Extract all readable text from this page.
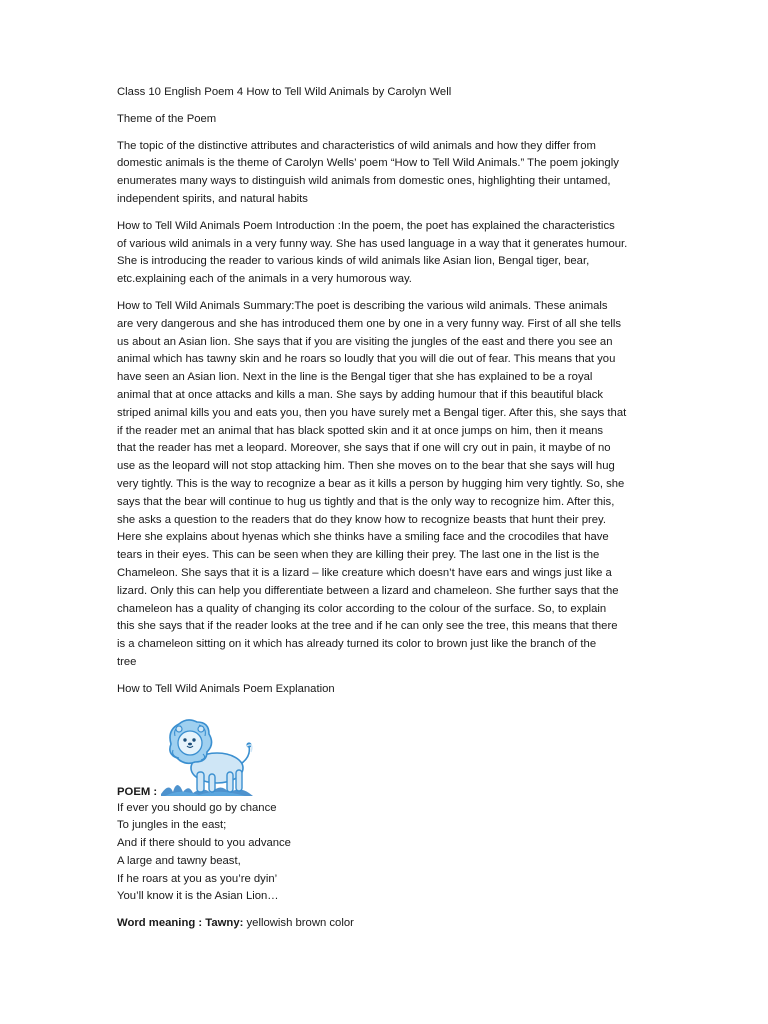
Class 10 English Poem 4 How to Tell Wild Animals by Carolyn Well

Theme of the Poem

The topic of the distinctive attributes and characteristics of wild animals and how they differ from
domestic animals is the theme of Carolyn Wells’ poem “How to Tell Wild Animals.” The poem jokingly
enumerates many ways to distinguish wild animals from domestic ones, highlighting their untamed,
independent spirits, and natural habits

How to Tell Wild Animals Poem Introduction :In the poem, the poet has explained the characteristics
of various wild animals in a very funny way. She has used language in a way that it generates humour.
She is introducing the reader to various kinds of wild animals like Asian lion, Bengal tiger, bear,
etc.explaining each of the animals in a very humorous way.

How to Tell Wild Animals Summary:The poet is describing the various wild animals. These animals
are very dangerous and she has introduced them one by one in a very funny way. First of all she tells
us about an Asian lion. She says that if you are visiting the jungles of the east and there you see an
animal which has tawny skin and he roars so loudly that you will die out of fear. This means that you
have seen an Asian lion. Next in the line is the Bengal tiger that she has explained to be a royal
animal that at once attacks and kills a man. She says by adding humour that if this beautiful black
striped animal kills you and eats you, then you have surely met a Bengal tiger. After this, she says that
if the reader met an animal that has black spotted skin and it at once jumps on him, then it means
that the reader has met a leopard. Moreover, she says that if one will cry out in pain, it maybe of no
use as the leopard will not stop attacking him. Then she moves on to the bear that she says will hug
very tightly. This is the way to recognize a bear as it kills a person by hugging him very tightly. So, she
says that the bear will continue to hug us tightly and that is the only way to recognize him. After this,
she asks a question to the readers that do they know how to recognize beasts that hunt their prey.
Here she explains about hyenas which she thinks have a smiling face and the crocodiles that have
tears in their eyes. This can be seen when they are killing their prey. The last one in the list is the
Chameleon. She says that it is a lizard – like creature which doesn’t have ears and wings just like a
lizard. Only this can help you differentiate between a lizard and chameleon. She further says that the
chameleon has a quality of changing its color according to the colour of the surface. So, to explain
this she says that if the reader looks at the tree and if he can only see the tree, this means that there
is a chameleon sitting on it which has already turned its color to brown just like the branch of the
tree

How to Tell Wild Animals Poem Explanation

POEM :
If ever you should go by chance
To jungles in the east;
And if there should to you advance
A large and tawny beast,
If he roars at you as you’re dyin’
You’ll know it is the Asian Lion…

Word meaning : Tawny: yellowish brown color
